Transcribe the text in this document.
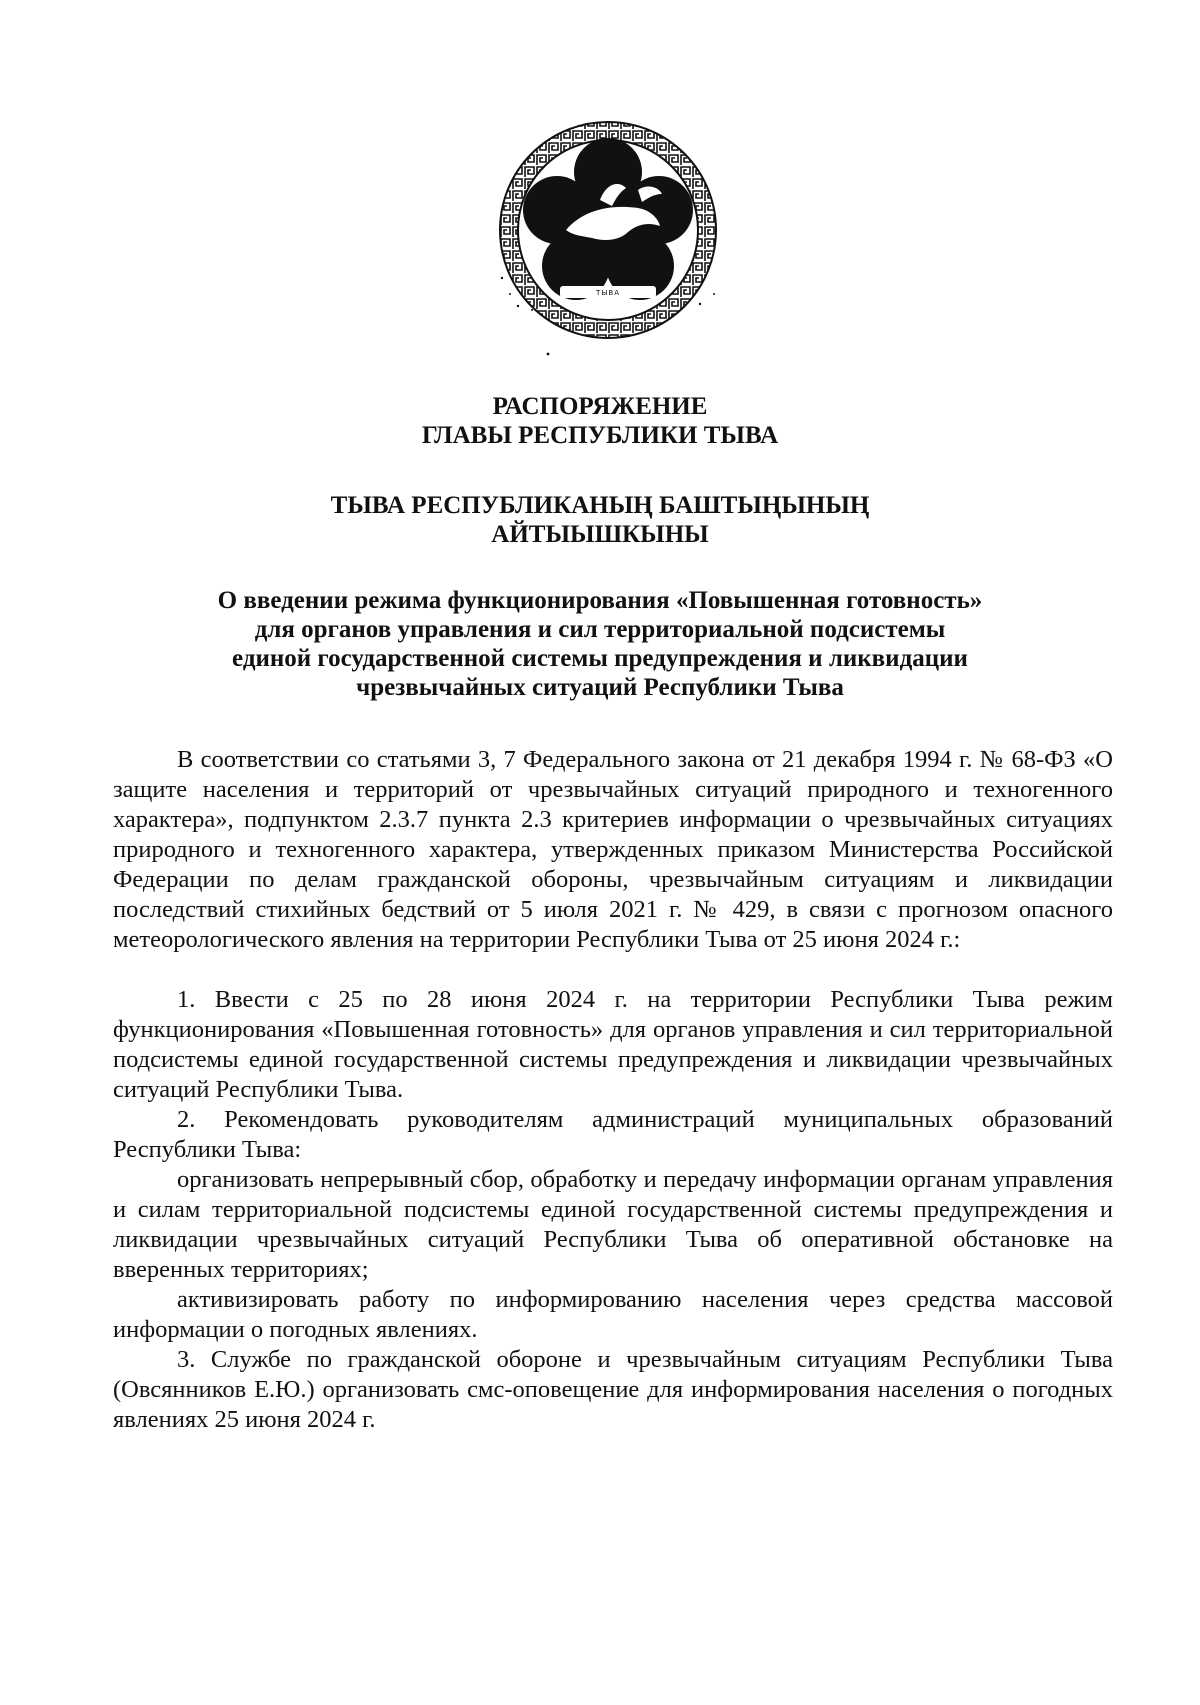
ТЫВА
РАСПОРЯЖЕНИЕ
ГЛАВЫ РЕСПУБЛИКИ ТЫВА
ТЫВА РЕСПУБЛИКАНЫҢ БАШТЫҢЫНЫҢ
АЙТЫЫШКЫНЫ
О введении режима функционирования «Повышенная готовность»
для органов управления и сил территориальной подсистемы
единой государственной системы предупреждения и ликвидации
чрезвычайных ситуаций Республики Тыва

В соответствии со статьями 3, 7 Федерального закона от 21 декабря 1994 г. № 68-ФЗ «О защите населения и территорий от чрезвычайных ситуаций природного и техногенного характера», подпунктом 2.3.7 пункта 2.3 критериев информации о чрезвычайных ситуациях природного и техногенного характера, утвержденных приказом Министерства Российской Федерации по делам гражданской обороны, чрезвычайным ситуациям и ликвидации последствий стихийных бедствий от 5 июля 2021 г. № 429, в связи с прогнозом опасного метеорологического явления на территории Республики Тыва от 25 июня 2024 г.:

1. Ввести с 25 по 28 июня 2024 г. на территории Республики Тыва режим функционирования «Повышенная готовность» для органов управления и сил территориальной подсистемы единой государственной системы предупреждения и ликвидации чрезвычайных ситуаций Республики Тыва.

2. Рекомендовать руководителям администраций муниципальных образований Республики Тыва:

организовать непрерывный сбор, обработку и передачу информации органам управления и силам территориальной подсистемы единой государственной системы предупреждения и ликвидации чрезвычайных ситуаций Республики Тыва об оперативной обстановке на вверенных территориях;

активизировать работу по информированию населения через средства массовой информации о погодных явлениях.

3. Службе по гражданской обороне и чрезвычайным ситуациям Республики Тыва (Овсянников Е.Ю.) организовать смс-оповещение для информирования населения о погодных явлениях 25 июня 2024 г.
